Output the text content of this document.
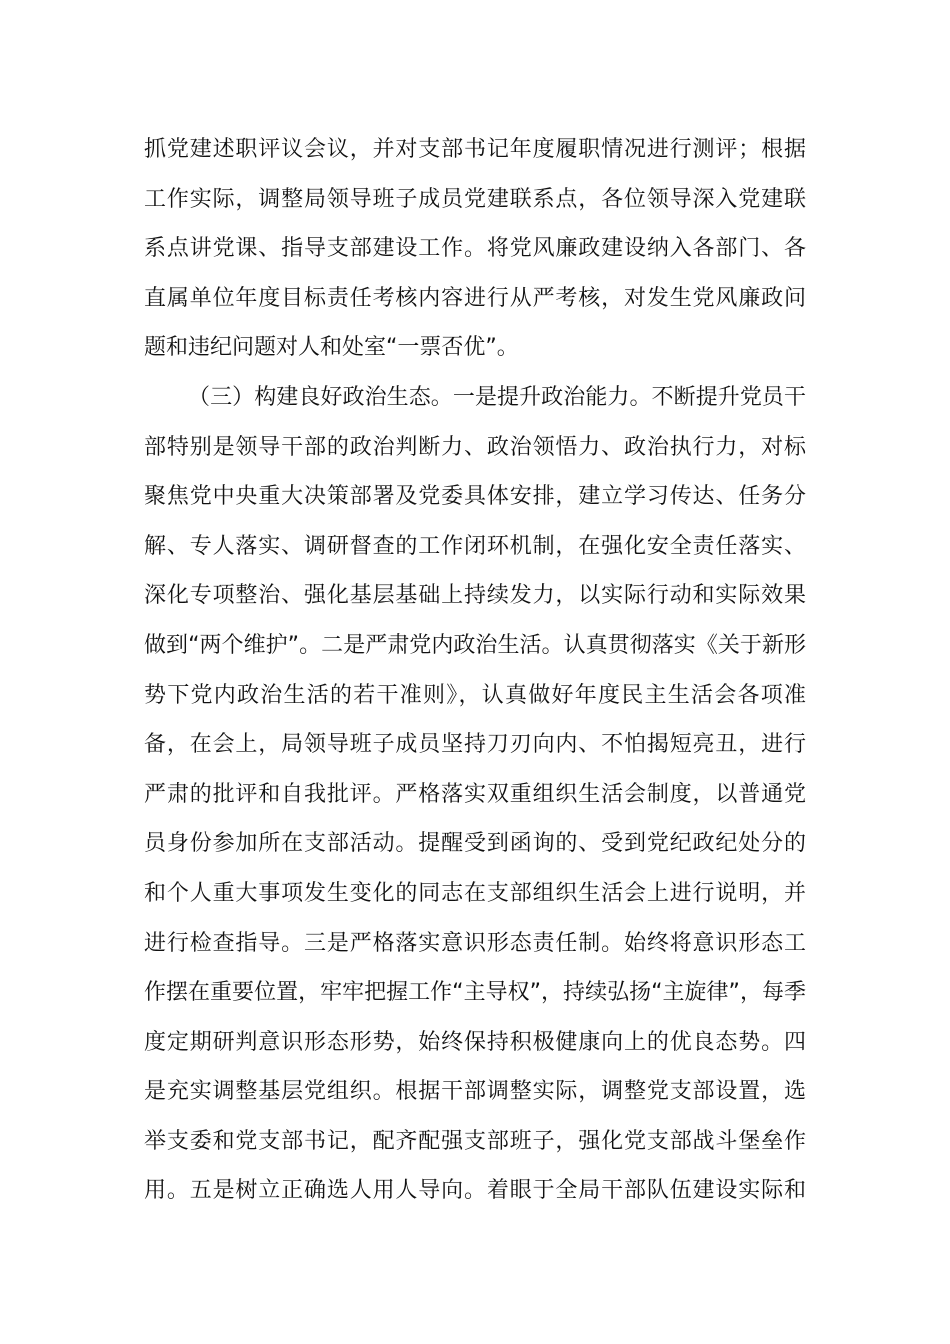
抓党建述职评议会议，并对支部书记年度履职情况进行测评；根据
工作实际，调整局领导班子成员党建联系点，各位领导深入党建联
系点讲党课、指导支部建设工作。将党风廉政建设纳入各部门、各
直属单位年度目标责任考核内容进行从严考核，对发生党风廉政问
题和违纪问题对人和处室“一票否优”。
（三）构建良好政治生态。一是提升政治能力。不断提升党员干
部特别是领导干部的政治判断力、政治领悟力、政治执行力，对标
聚焦党中央重大决策部署及党委具体安排，建立学习传达、任务分
解、专人落实、调研督查的工作闭环机制，在强化安全责任落实、
深化专项整治、强化基层基础上持续发力，以实际行动和实际效果
做到“两个维护”。二是严肃党内政治生活。认真贯彻落实《关于新形
势下党内政治生活的若干准则》，认真做好年度民主生活会各项准
备，在会上，局领导班子成员坚持刀刃向内、不怕揭短亮丑，进行
严肃的批评和自我批评。严格落实双重组织生活会制度，以普通党
员身份参加所在支部活动。提醒受到函询的、受到党纪政纪处分的
和个人重大事项发生变化的同志在支部组织生活会上进行说明，并
进行检查指导。三是严格落实意识形态责任制。始终将意识形态工
作摆在重要位置，牢牢把握工作“主导权”，持续弘扬“主旋律”，每季
度定期研判意识形态形势，始终保持积极健康向上的优良态势。四
是充实调整基层党组织。根据干部调整实际，调整党支部设置，选
举支委和党支部书记，配齐配强支部班子，强化党支部战斗堡垒作
用。五是树立正确选人用人导向。着眼于全局干部队伍建设实际和
